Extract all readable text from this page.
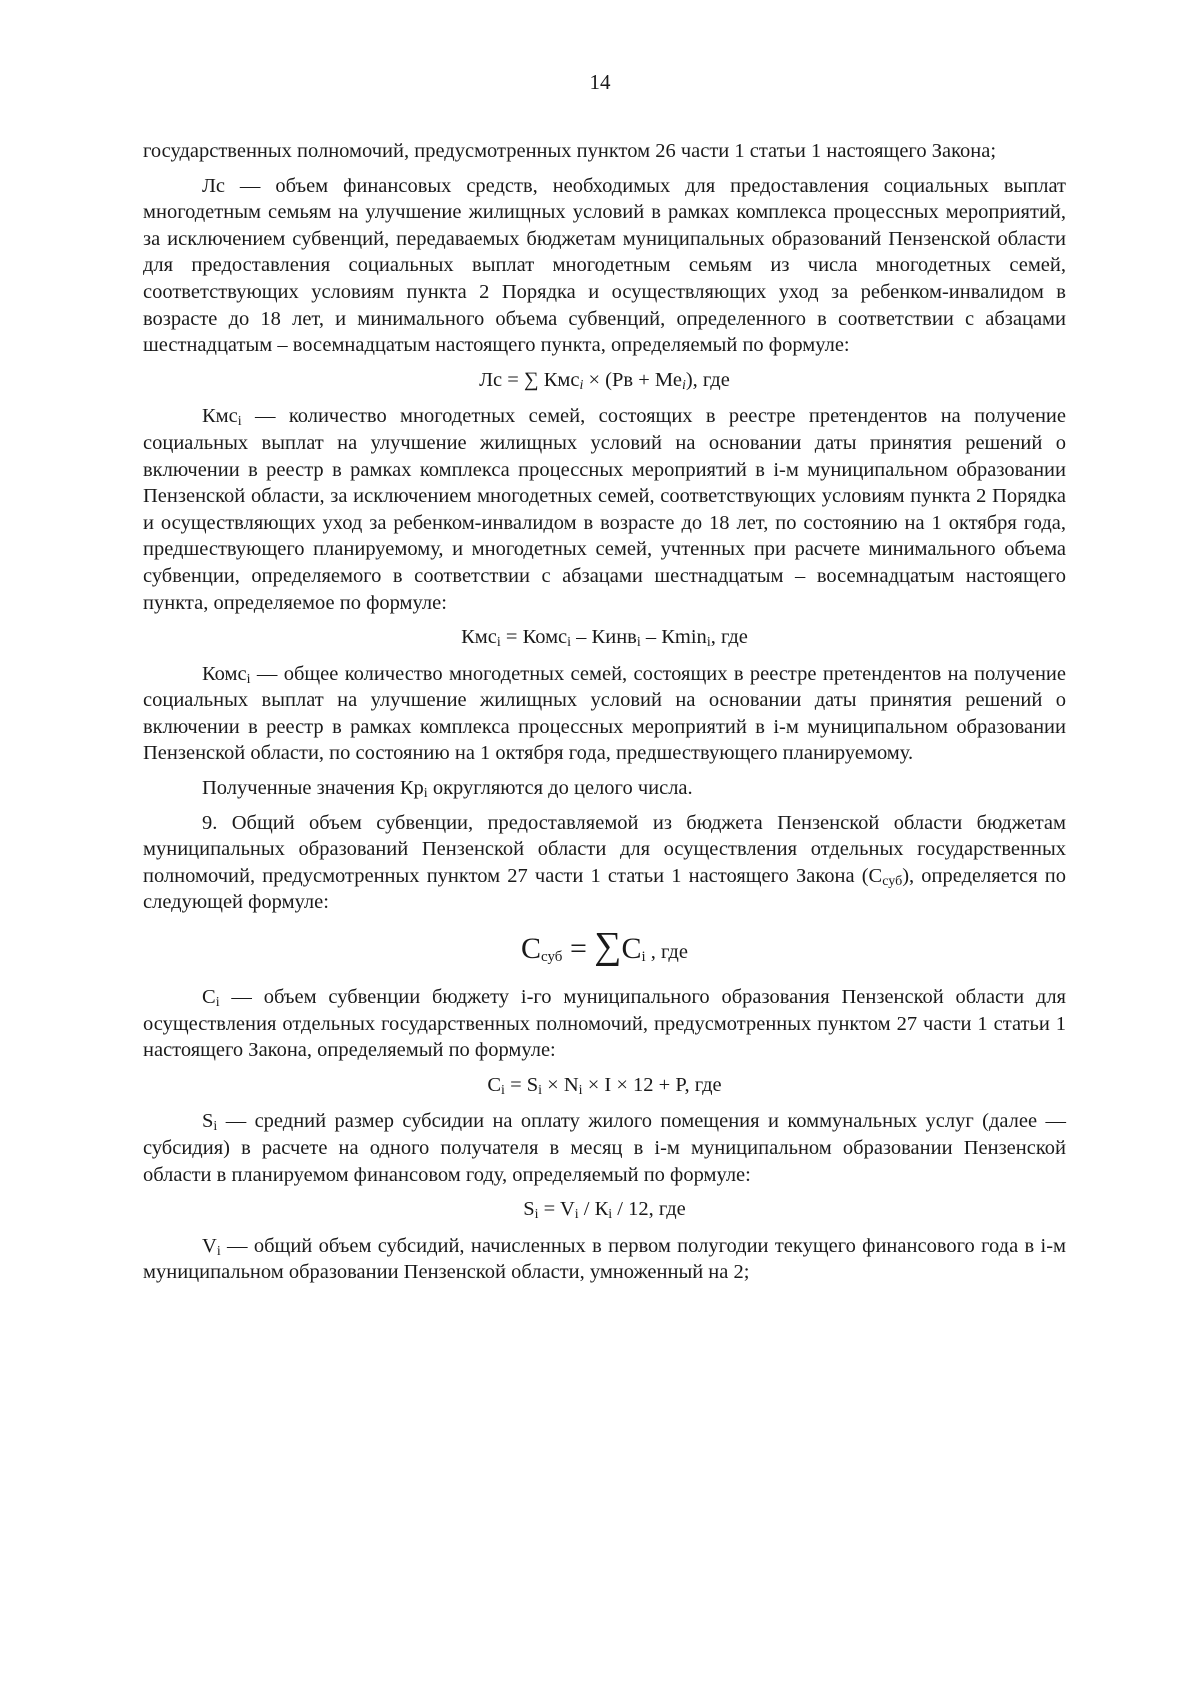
14

государственных полномочий, предусмотренных пунктом 26 части 1 статьи 1 настоящего Закона;

Лс — объем финансовых средств, необходимых для предоставления социальных выплат многодетным семьям на улучшение жилищных условий в рамках комплекса процессных мероприятий, за исключением субвенций, передаваемых бюджетам муниципальных образований Пензенской области для предоставления социальных выплат многодетным семьям из числа многодетных семей, соответствующих условиям пункта 2 Порядка и осуществляющих уход за ребенком-инвалидом в возрасте до 18 лет, и минимального объема субвенций, определенного в соответствии с абзацами шестнадцатым – восемнадцатым настоящего пункта, определяемый по формуле:

Лс = ∑ $Кмс_i \times (Рв + Ме_i)$, где

Кмс$_i$ — количество многодетных семей, состоящих в реестре претендентов на получение социальных выплат на улучшение жилищных условий на основании даты принятия решений о включении в реестр в рамках комплекса процессных мероприятий в i-м муниципальном образовании Пензенской области, за исключением многодетных семей, соответствующих условиям пункта 2 Порядка и осуществляющих уход за ребенком-инвалидом в возрасте до 18 лет, по состоянию на 1 октября года, предшествующего планируемому, и многодетных семей, учтенных при расчете минимального объема субвенции, определяемого в соответствии с абзацами шестнадцатым – восемнадцатым настоящего пункта, определяемое по формуле:

Кмс$_i$ = Комс$_i$ – Кинв$_i$ – Кmin$_i$, где

Комс$_i$ — общее количество многодетных семей, состоящих в реестре претендентов на получение социальных выплат на улучшение жилищных условий на основании даты принятия решений о включении в реестр в рамках комплекса процессных мероприятий в i-м муниципальном образовании Пензенской области, по состоянию на 1 октября года, предшествующего планируемому.

Полученные значения $Кр_i$ округляются до целого числа.

9. Общий объем субвенции, предоставляемой из бюджета Пензенской области бюджетам муниципальных образований Пензенской области для осуществления отдельных государственных полномочий, предусмотренных пунктом 27 части 1 статьи 1 настоящего Закона $(С_{суб})$, определяется по следующей формуле:

$С_{суб} = \sum С_i$ , где

$С_i$ — объем субвенции бюджету i-го муниципального образования Пензенской области для осуществления отдельных государственных полномочий, предусмотренных пунктом 27 части 1 статьи 1 настоящего Закона, определяемый по формуле:

$С_i = S_i \times N_i \times I \times 12 + P$, где

$S_i$ — средний размер субсидии на оплату жилого помещения и коммунальных услуг (далее — субсидия) в расчете на одного получателя в месяц в i-м муниципальном образовании Пензенской области в планируемом финансовом году, определяемый по формуле:

$S_i = V_i / К_i / 12$, где

$V_i$ — общий объем субсидий, начисленных в первом полугодии текущего финансового года в i-м муниципальном образовании Пензенской области, умноженный на 2;
